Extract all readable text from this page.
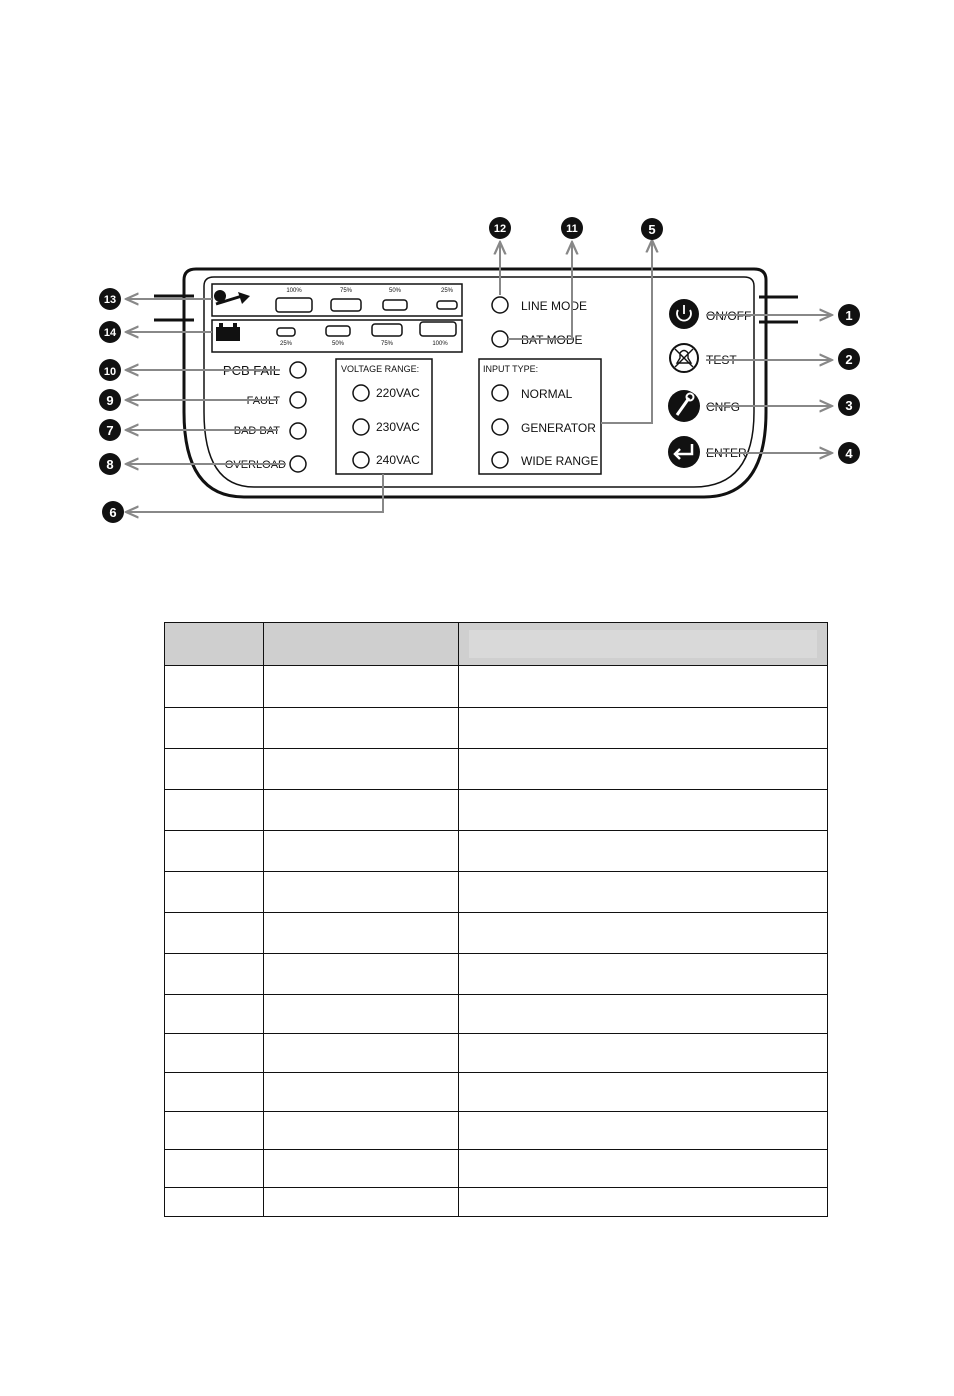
100%	75%	50%	25%
25%	50%	75%	100%
PCB FAIL
FAULT
BAD BAT
OVERLOAD
VOLTAGE RANGE:
220VAC
230VAC
240VAC
LINE MODE
BAT MODE
INPUT TYPE:
NORMAL
GENERATOR
WIDE RANGE
ON/OFF
TEST
CNFG
ENTER
1
2
3
4
5
6
7
8
9
10
11
12
13
14
